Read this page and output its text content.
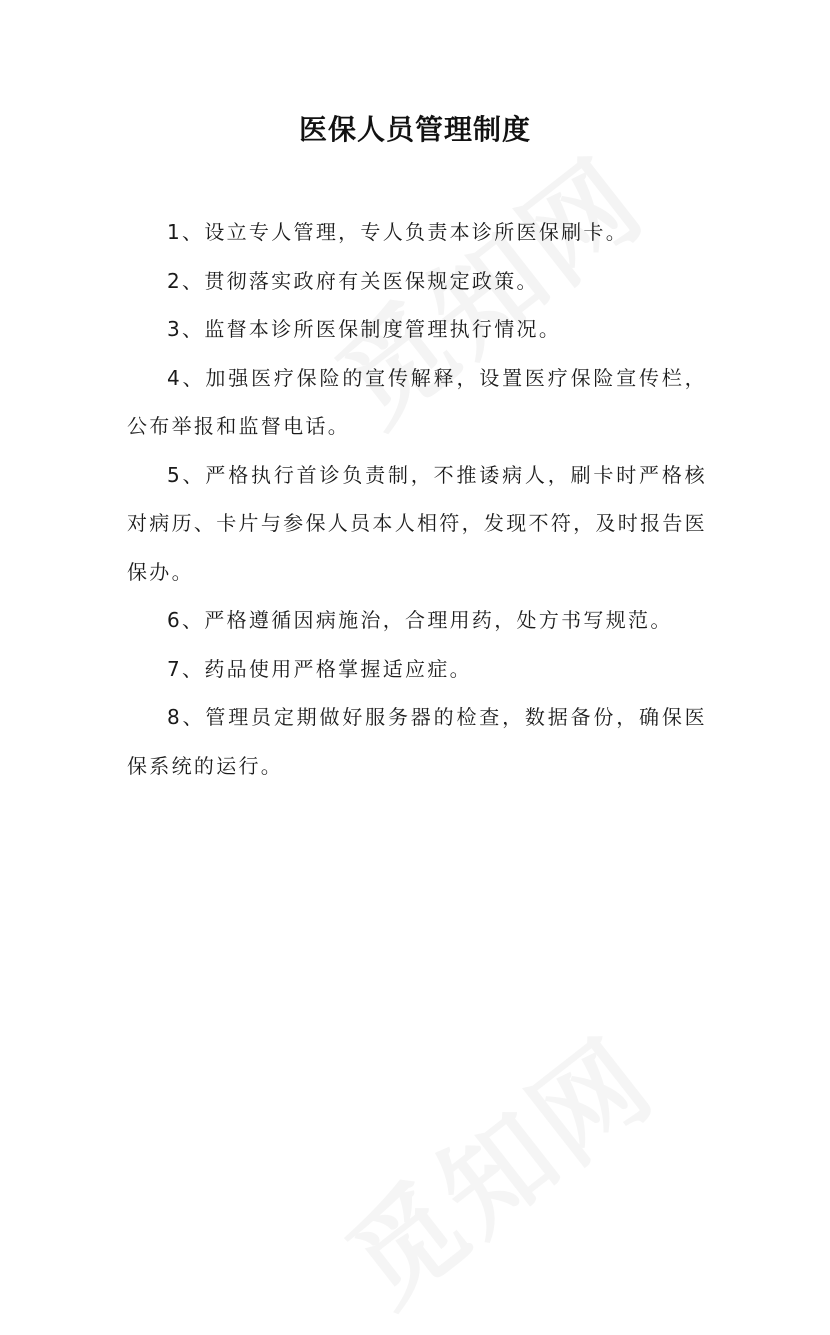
医保人员管理制度

1、设立专人管理，专人负责本诊所医保刷卡。

2、贯彻落实政府有关医保规定政策。

3、监督本诊所医保制度管理执行情况。

4、加强医疗保险的宣传解释，设置医疗保险宣传栏，公布举报和监督电话。

5、严格执行首诊负责制，不推诿病人，刷卡时严格核对病历、卡片与参保人员本人相符，发现不符，及时报告医保办。

6、严格遵循因病施治，合理用药，处方书写规范。

7、药品使用严格掌握适应症。

8、管理员定期做好服务器的检查，数据备份，确保医保系统的运行。
